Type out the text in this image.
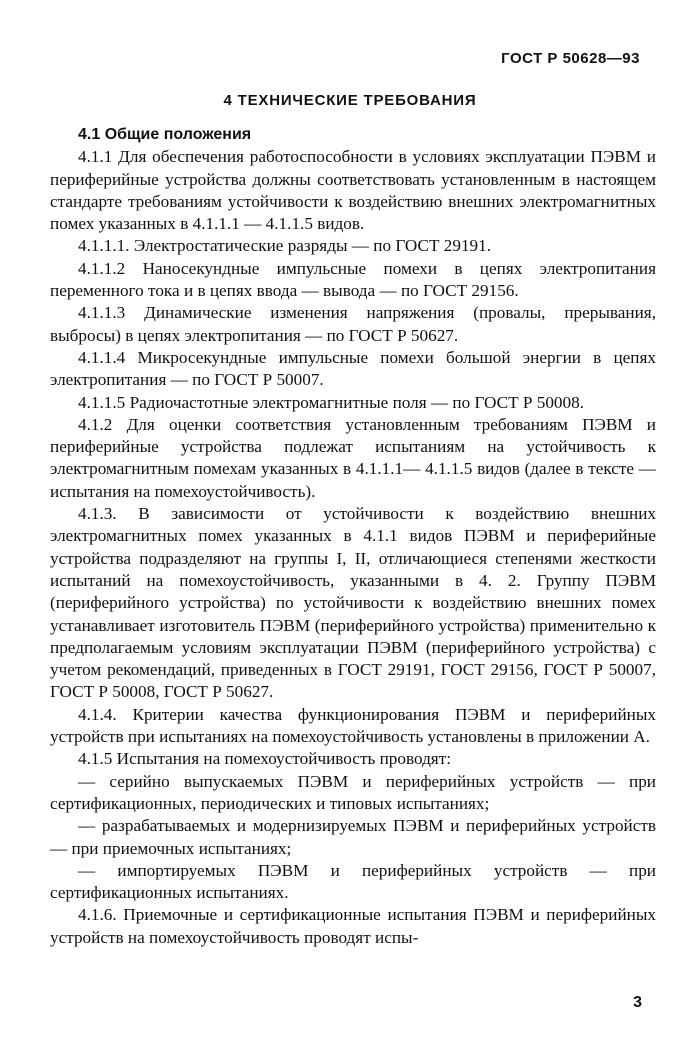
ГОСТ Р 50628—93
4 ТЕХНИЧЕСКИЕ ТРЕБОВАНИЯ

4.1 Общие положения

4.1.1 Для обеспечения работоспособности в условиях эксплуатации ПЭВМ и периферийные устройства должны соответствовать установленным в настоящем стандарте требованиям устойчивости к воздействию внешних электромагнитных помех указанных в 4.1.1.1 — 4.1.1.5 видов.

4.1.1.1. Электростатические разряды — по ГОСТ 29191.

4.1.1.2 Наносекундные импульсные помехи в цепях электропитания переменного тока и в цепях ввода — вывода — по ГОСТ 29156.

4.1.1.3 Динамические изменения напряжения (провалы, прерывания, выбросы) в цепях электропитания — по ГОСТ Р 50627.

4.1.1.4 Микросекундные импульсные помехи большой энергии в цепях электропитания — по ГОСТ Р 50007.

4.1.1.5 Радиочастотные электромагнитные поля — по ГОСТ Р 50008.

4.1.2 Для оценки соответствия установленным требованиям ПЭВМ и периферийные устройства подлежат испытаниям на устойчивость к электромагнитным помехам указанных в 4.1.1.1— 4.1.1.5 видов (далее в тексте — испытания на помехоустойчивость).

4.1.3. В зависимости от устойчивости к воздействию внешних электромагнитных помех указанных в 4.1.1 видов ПЭВМ и периферийные устройства подразделяют на группы I, II, отличающиеся степенями жесткости испытаний на помехоустойчивость, указанными в 4. 2. Группу ПЭВМ (периферийного устройства) по устойчивости к воздействию внешних помех устанавливает изготовитель ПЭВМ (периферийного устройства) применительно к предполагаемым условиям эксплуатации ПЭВМ (периферийного устройства) с учетом рекомендаций, приведенных в ГОСТ 29191, ГОСТ 29156, ГОСТ Р 50007, ГОСТ Р 50008, ГОСТ Р 50627.

4.1.4. Критерии качества функционирования ПЭВМ и периферийных устройств при испытаниях на помехоустойчивость установлены в приложении А.

4.1.5 Испытания на помехоустойчивость проводят:

— серийно выпускаемых ПЭВМ и периферийных устройств — при сертификационных, периодических и типовых испытаниях;

— разрабатываемых и модернизируемых ПЭВМ и периферийных устройств — при приемочных испытаниях;

— импортируемых ПЭВМ и периферийных устройств — при сертификационных испытаниях.

4.1.6. Приемочные и сертификационные испытания ПЭВМ и периферийных устройств на помехоустойчивость проводят испы-

3
